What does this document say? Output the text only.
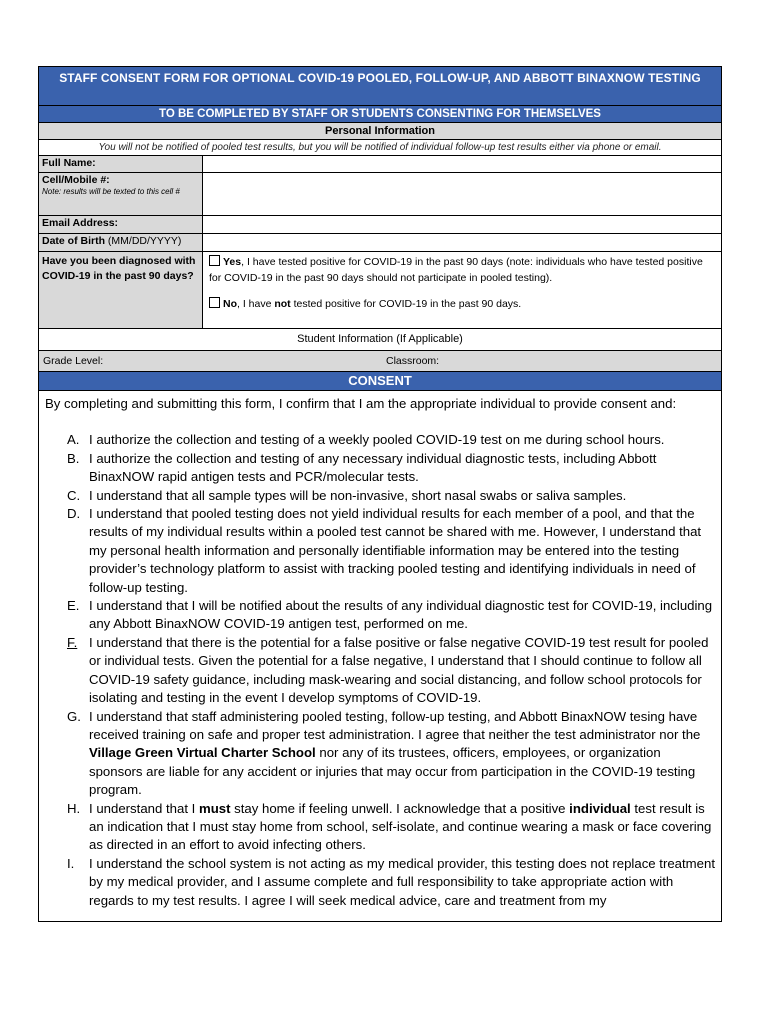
STAFF CONSENT FORM FOR OPTIONAL COVID-19 POOLED, FOLLOW-UP, AND ABBOTT BINAXNOW TESTING
TO BE COMPLETED BY STAFF OR STUDENTS CONSENTING FOR THEMSELVES
Personal Information
You will not be notified of pooled test results, but you will be notified of individual follow-up test results either via phone or email.
Full Name:
Cell/Mobile #:
Note: results will be texted to this cell #
Email Address:
Date of Birth (MM/DD/YYYY)
Have you been diagnosed with COVID-19 in the past 90 days?
Yes, I have tested positive for COVID-19 in the past 90 days (note: individuals who have tested positive for COVID-19 in the past 90 days should not participate in pooled testing).
No, I have not tested positive for COVID-19 in the past 90 days.
Student Information (If Applicable)
Grade Level:	Classroom:
CONSENT

By completing and submitting this form, I confirm that I am the appropriate individual to provide consent and:

A. I authorize the collection and testing of a weekly pooled COVID-19 test on me during school hours.
B. I authorize the collection and testing of any necessary individual diagnostic tests, including Abbott BinaxNOW rapid antigen tests and PCR/molecular tests.
C. I understand that all sample types will be non-invasive, short nasal swabs or saliva samples.
D. I understand that pooled testing does not yield individual results for each member of a pool, and that the results of my individual results within a pooled test cannot be shared with me. However, I understand that my personal health information and personally identifiable information may be entered into the testing provider’s technology platform to assist with tracking pooled testing and identifying individuals in need of follow-up testing.
E. I understand that I will be notified about the results of any individual diagnostic test for COVID-19, including any Abbott BinaxNOW COVID-19 antigen test, performed on me.
F. I understand that there is the potential for a false positive or false negative COVID-19 test result for pooled or individual tests. Given the potential for a false negative, I understand that I should continue to follow all COVID-19 safety guidance, including mask-wearing and social distancing, and follow school protocols for isolating and testing in the event I develop symptoms of COVID-19.
G. I understand that staff administering pooled testing, follow-up testing, and Abbott BinaxNOW tesing have received training on safe and proper test administration. I agree that neither the test administrator nor the Village Green Virtual Charter School nor any of its trustees, officers, employees, or organization sponsors are liable for any accident or injuries that may occur from participation in the COVID-19 testing program.
H. I understand that I must stay home if feeling unwell. I acknowledge that a positive individual test result is an indication that I must stay home from school, self-isolate, and continue wearing a mask or face covering as directed in an effort to avoid infecting others.
I.	I understand the school system is not acting as my medical provider, this testing does not replace treatment by my medical provider, and I assume complete and full responsibility to take appropriate action with regards to my test results. I agree I will seek medical advice, care and treatment from my
